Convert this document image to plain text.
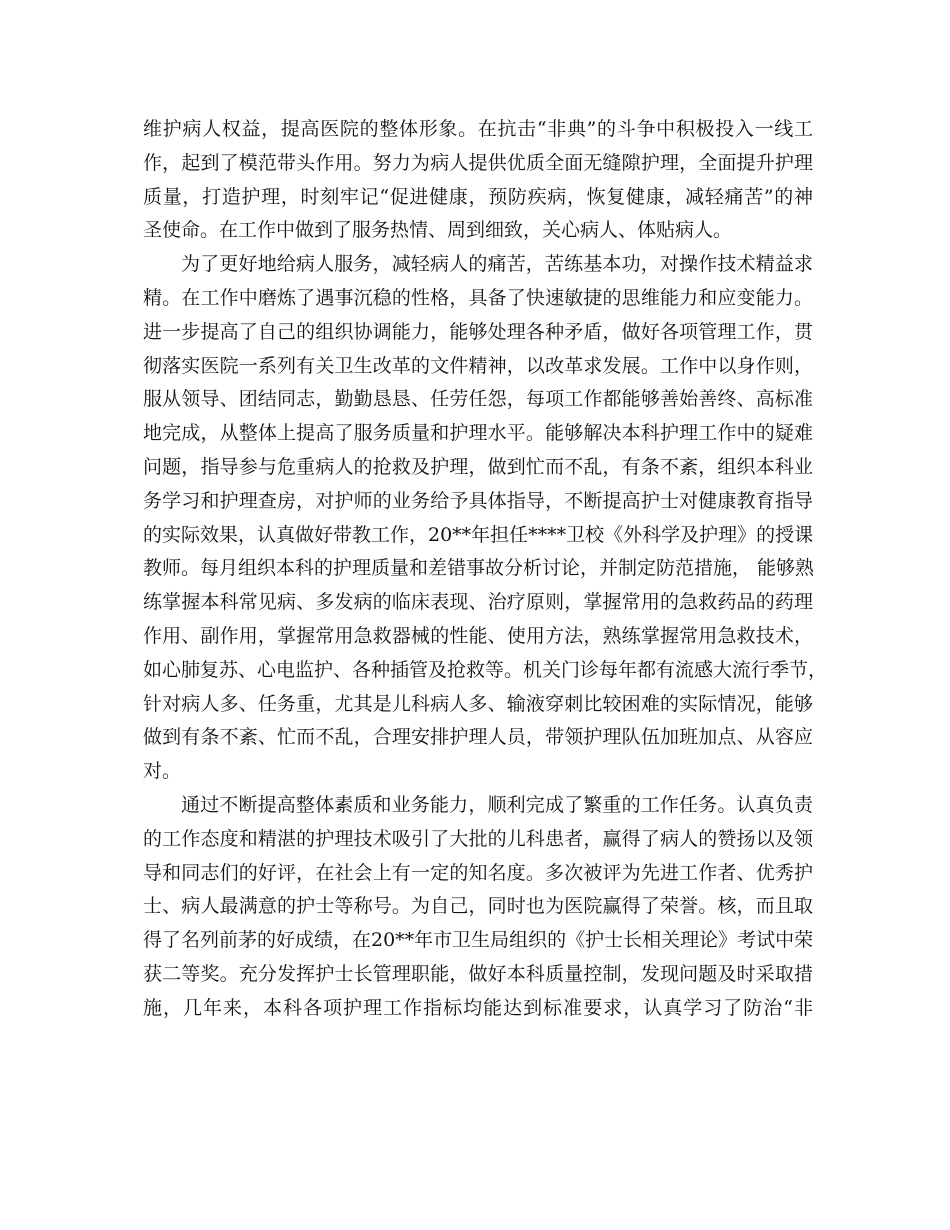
维护病人权益，提高医院的整体形象。在抗击“非典”的斗争中积极投入一线工
作，起到了模范带头作用。努力为病人提供优质全面无缝隙护理，全面提升护理
质量，打造护理，时刻牢记“促进健康，预防疾病，恢复健康，减轻痛苦”的神
圣使命。在工作中做到了服务热情、周到细致，关心病人、体贴病人。
为了更好地给病人服务，减轻病人的痛苦，苦练基本功，对操作技术精益求
精。在工作中磨炼了遇事沉稳的性格，具备了快速敏捷的思维能力和应变能力。
进一步提高了自己的组织协调能力，能够处理各种矛盾，做好各项管理工作，贯
彻落实医院一系列有关卫生改革的文件精神，以改革求发展。工作中以身作则，
服从领导、团结同志，勤勤恳恳、任劳任怨，每项工作都能够善始善终、高标准
地完成，从整体上提高了服务质量和护理水平。能够解决本科护理工作中的疑难
问题，指导参与危重病人的抢救及护理，做到忙而不乱，有条不紊，组织本科业
务学习和护理查房，对护师的业务给予具体指导，不断提高护士对健康教育指导
的实际效果，认真做好带教工作，20**年担任****卫校《外科学及护理》的授课
教师。每月组织本科的护理质量和差错事故分析讨论，并制定防范措施， 能够熟
练掌握本科常见病、多发病的临床表现、治疗原则，掌握常用的急救药品的药理
作用、副作用，掌握常用急救器械的性能、使用方法，熟练掌握常用急救技术，
如心肺复苏、心电监护、各种插管及抢救等。机关门诊每年都有流感大流行季节，
针对病人多、任务重，尤其是儿科病人多、输液穿刺比较困难的实际情况，能够
做到有条不紊、忙而不乱，合理安排护理人员，带领护理队伍加班加点、从容应
对。
通过不断提高整体素质和业务能力，顺利完成了繁重的工作任务。认真负责
的工作态度和精湛的护理技术吸引了大批的儿科患者，赢得了病人的赞扬以及领
导和同志们的好评，在社会上有一定的知名度。多次被评为先进工作者、优秀护
士、病人最满意的护士等称号。为自己，同时也为医院赢得了荣誉。核，而且取
得了名列前茅的好成绩，在20**年市卫生局组织的《护士长相关理论》考试中荣
获二等奖。充分发挥护士长管理职能，做好本科质量控制，发现问题及时采取措
施，几年来，本科各项护理工作指标均能达到标准要求，认真学习了防治“非
